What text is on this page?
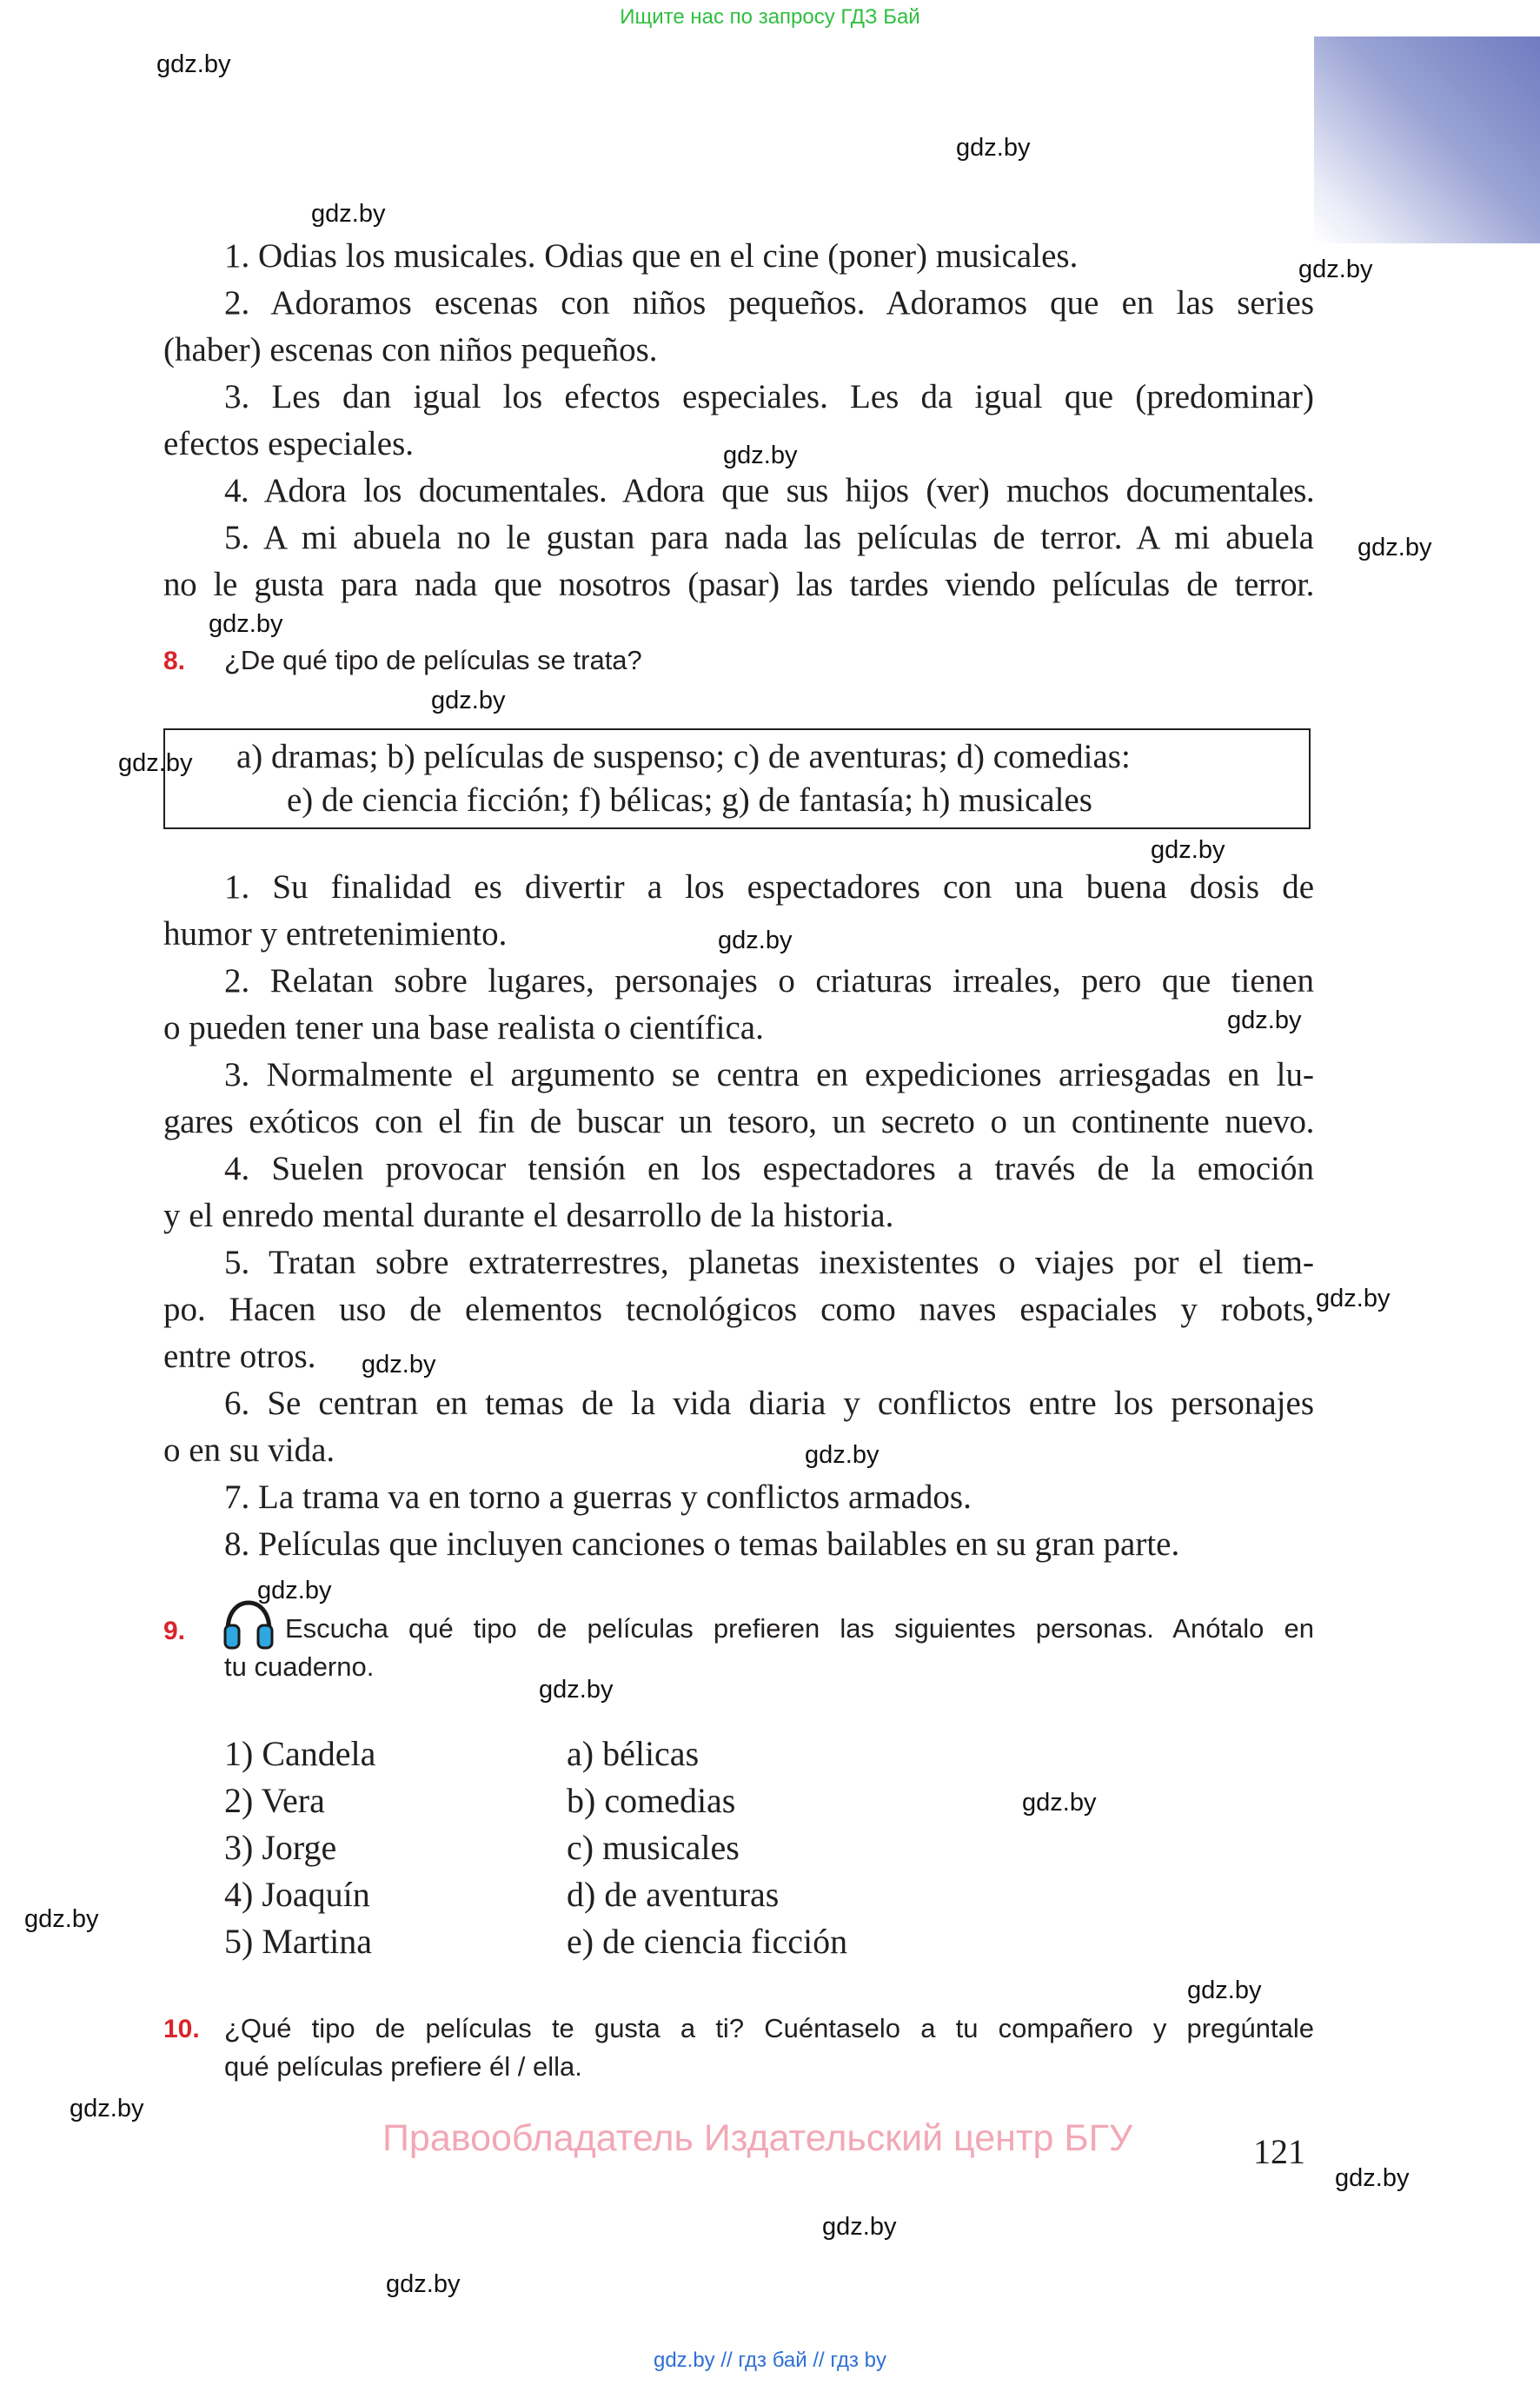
Ищите нас по запросу ГДЗ Бай
gdz.by
gdz.by
gdz.by
gdz.by
gdz.by
gdz.by
gdz.by
gdz.by
gdz.by
gdz.by
gdz.by
gdz.by
gdz.by
gdz.by
gdz.by
gdz.by
gdz.by
gdz.by
gdz.by
gdz.by
gdz.by
gdz.by
gdz.by
gdz.by
1. Odias los musicales. Odias que en el cine (poner) musicales.
2. Adoramos escenas con niños pequeños. Adoramos que en las series
(haber) escenas con niños pequeños.
3. Les dan igual los efectos especiales. Les da igual que (predominar)
efectos especiales.
4. Adora los documentales. Adora que sus hijos (ver) muchos documentales.
5. A mi abuela no le gustan para nada las películas de terror. A mi abuela
no le gusta para nada que nosotros (pasar) las tardes viendo películas de terror.
8. ¿De qué tipo de películas se trata?
a) dramas; b) películas de suspenso; c) de aventuras; d) comedias:
e) de ciencia ficción; f) bélicas; g) de fantasía; h) musicales
1. Su finalidad es divertir a los espectadores con una buena dosis de
humor y entretenimiento.
2. Relatan sobre lugares, personajes o criaturas irreales, pero que tienen
o pueden tener una base realista o científica.
3. Normalmente el argumento se centra en expediciones arriesgadas en lu-
gares exóticos con el fin de buscar un tesoro, un secreto o un continente nuevo.
4. Suelen provocar tensión en los espectadores a través de la emoción
y el enredo mental durante el desarrollo de la historia.
5. Tratan sobre extraterrestres, planetas inexistentes o viajes por el tiem-
po. Hacen uso de elementos tecnológicos como naves espaciales y robots,
entre otros.
6. Se centran en temas de la vida diaria y conflictos entre los personajes
o en su vida.
7. La trama va en torno a guerras y conflictos armados.
8. Películas que incluyen canciones o temas bailables en su gran parte.
9.	Escucha qué tipo de películas prefieren las siguientes personas. Anótalo en
tu cuaderno.
1) Candela
2) Vera
3) Jorge
4) Joaquín
5) Martina
a) bélicas
b) comedias
c) musicales
d) de aventuras
e) de ciencia ficción
10. ¿Qué tipo de películas te gusta a ti? Cuéntaselo a tu compañero y pregúntale
qué películas prefiere él / ella.
Правообладатель Издательский центр БГУ	121
gdz.by // гдз бай // гдз by
